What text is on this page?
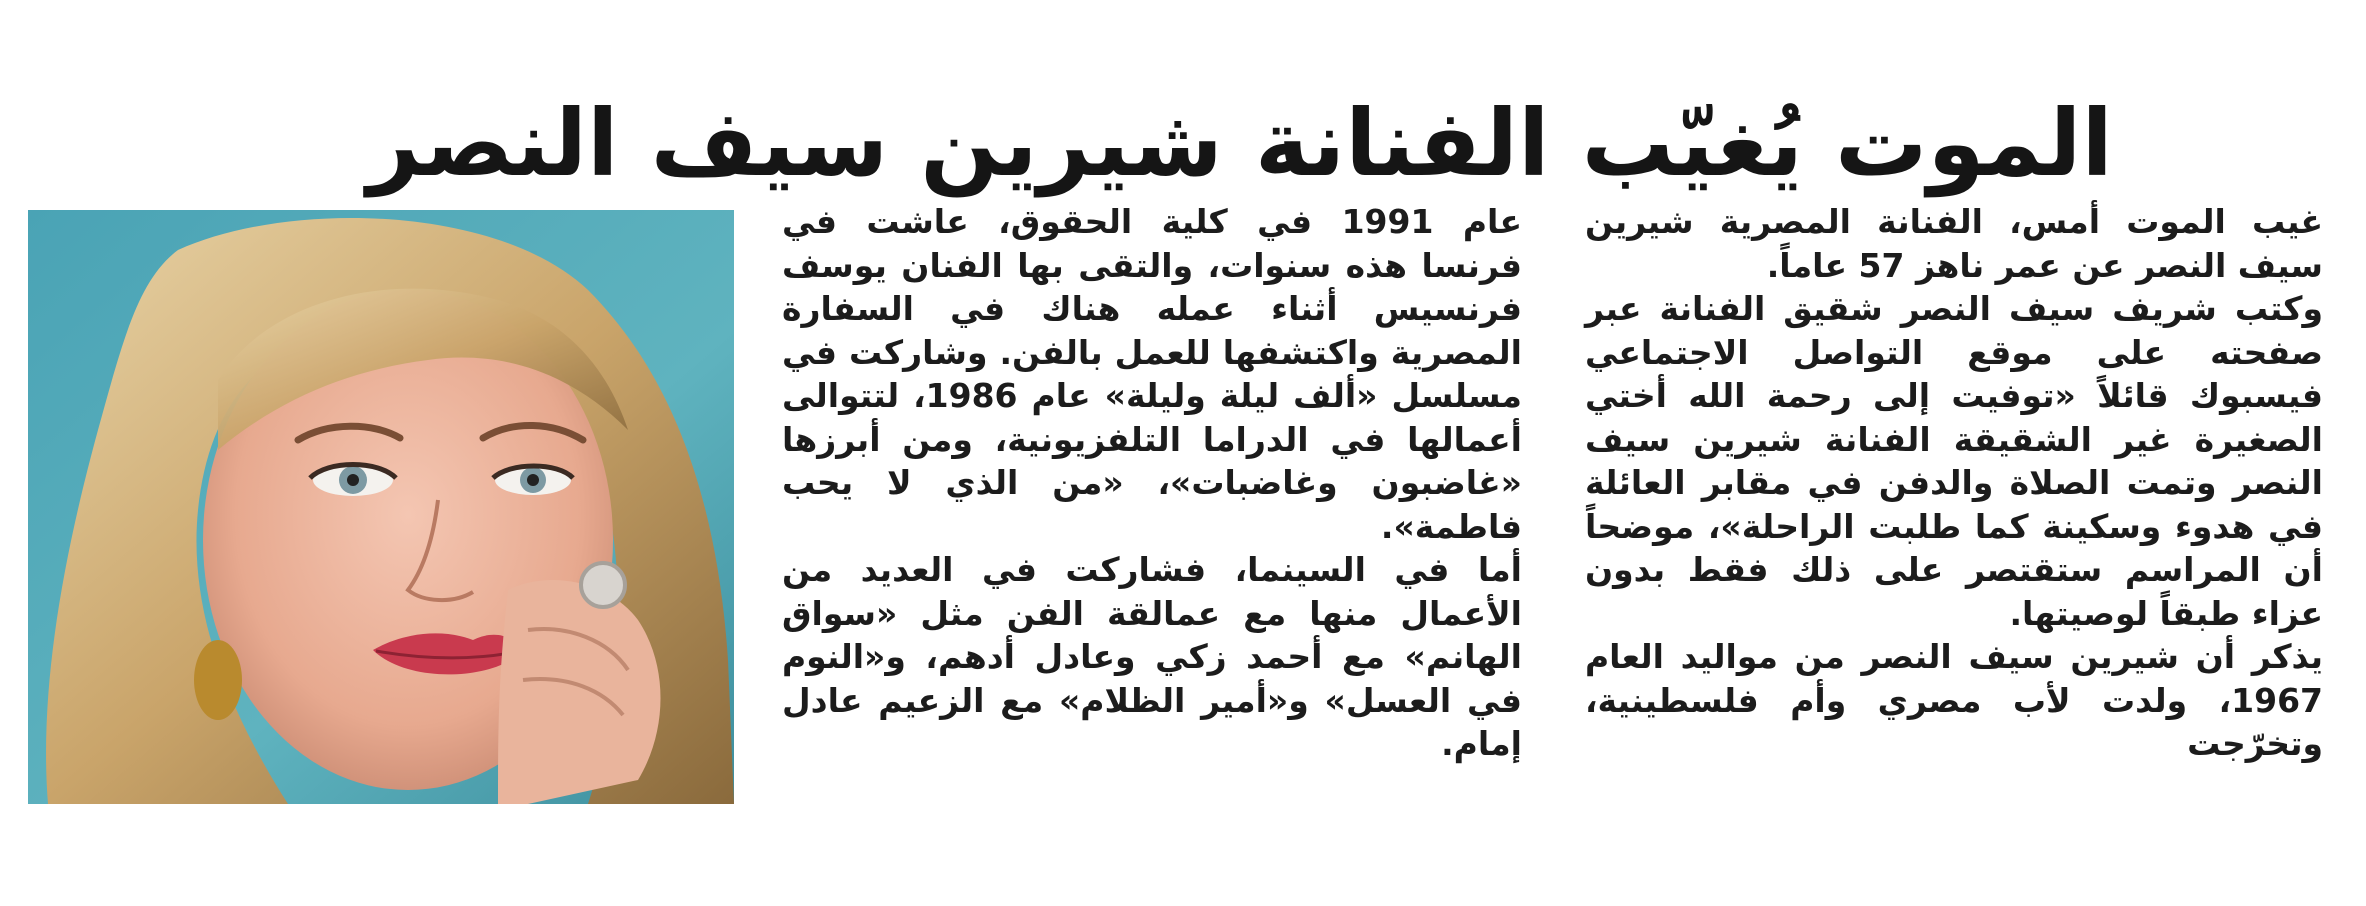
الموت يُغيّب الفنانة شيرين سيف النصر

غيب الموت أمس، الفنانة المصرية شيرين سيف النصر عن عمر ناهز 57 عاماً.

وكتب شريف سيف النصر شقيق الفنانة عبر صفحته على موقع التواصل الاجتماعي فيسبوك قائلاً «توفيت إلى رحمة الله أختي الصغيرة غير الشقيقة الفنانة شيرين سيف النصر وتمت الصلاة والدفن في مقابر العائلة في هدوء وسكينة كما طلبت الراحلة»، موضحاً أن المراسم ستقتصر على ذلك فقط بدون عزاء طبقاً لوصيتها.

يذكر أن شيرين سيف النصر من مواليد العام 1967، ولدت لأب مصري وأم فلسطينية، وتخرّجت

عام 1991 في كلية الحقوق، عاشت في فرنسا هذه سنوات، والتقى بها الفنان يوسف فرنسيس أثناء عمله هناك في السفارة المصرية واكتشفها للعمل بالفن. وشاركت في مسلسل «ألف ليلة وليلة» عام 1986، لتتوالى أعمالها في الدراما التلفزيونية، ومن أبرزها «غاضبون وغاضبات»، «من الذي لا يحب فاطمة».

أما في السينما، فشاركت في العديد من الأعمال منها مع عمالقة الفن مثل «سواق الهانم» مع أحمد زكي وعادل أدهم، و«النوم في العسل» و«أمير الظلام» مع الزعيم عادل إمام.
